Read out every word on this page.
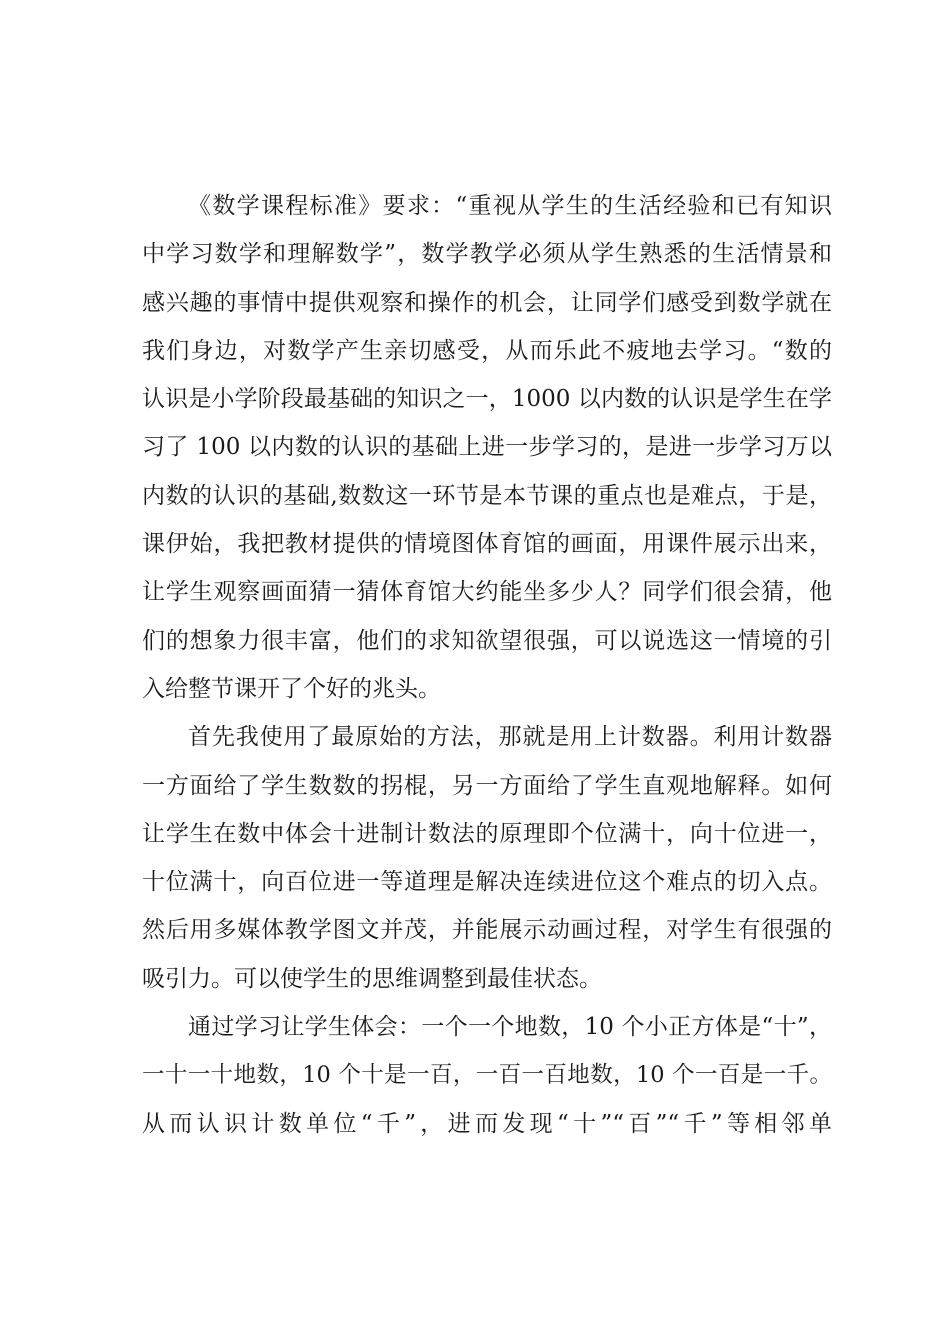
《数学课程标准》要求：“重视从学生的生活经验和已有知识
中学习数学和理解数学”，数学教学必须从学生熟悉的生活情景和
感兴趣的事情中提供观察和操作的机会，让同学们感受到数学就在
我们身边，对数学产生亲切感受，从而乐此不疲地去学习。“数的
认识是小学阶段最基础的知识之一，1000 以内数的认识是学生在学
习了 100 以内数的认识的基础上进一步学习的，是进一步学习万以
内数的认识的基础,数数这一环节是本节课的重点也是难点，于是，
课伊始，我把教材提供的情境图体育馆的画面，用课件展示出来，
让学生观察画面猜一猜体育馆大约能坐多少人？同学们很会猜，他
们的想象力很丰富，他们的求知欲望很强，可以说选这一情境的引
入给整节课开了个好的兆头。
首先我使用了最原始的方法，那就是用上计数器。利用计数器
一方面给了学生数数的拐棍，另一方面给了学生直观地解释。如何
让学生在数中体会十进制计数法的原理即个位满十，向十位进一，
十位满十，向百位进一等道理是解决连续进位这个难点的切入点。
然后用多媒体教学图文并茂，并能展示动画过程，对学生有很强的
吸引力。可以使学生的思维调整到最佳状态。
通过学习让学生体会：一个一个地数，10 个小正方体是“十”，
一十一十地数，10 个十是一百，一百一百地数，10 个一百是一千。
从而认识计数单位“千”，进而发现“十”“百”“千”等相邻单
